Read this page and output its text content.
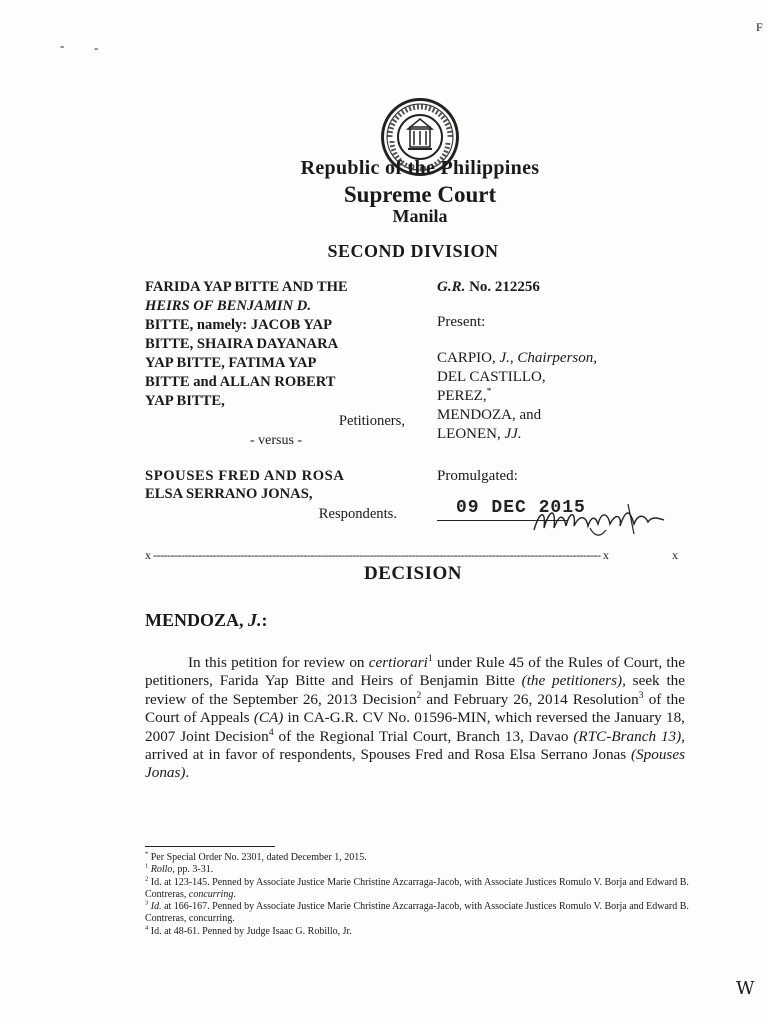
- -
F
Republic of the Philippines
Supreme Court
Manila
SECOND DIVISION
FARIDA YAP BITTE AND THE
HEIRS OF BENJAMIN D.
BITTE, namely: JACOB YAP
BITTE, SHAIRA DAYANARA
YAP BITTE, FATIMA YAP
BITTE and ALLAN ROBERT
YAP BITTE,
Petitioners,
- versus -
SPOUSES FRED AND ROSA
ELSA SERRANO JONAS,
Respondents.
G.R. No. 212256
Present:
CARPIO, J., Chairperson,
DEL CASTILLO,
PEREZ,*
MENDOZA, and
LEONEN, JJ.
Promulgated:
09 DEC 2015
x -------------------------------------------------------------------------------------------------------------------------------- x	x
DECISION
MENDOZA, J.:
In this petition for review on certiorari$^1$ under Rule 45 of the Rules of Court, the petitioners, Farida Yap Bitte and Heirs of Benjamin Bitte (the petitioners), seek the review of the September 26, 2013 Decision$^2$ and February 26, 2014 Resolution$^3$ of the Court of Appeals (CA) in CA-G.R. CV No. 01596-MIN, which reversed the January 18, 2007 Joint Decision$^4$ of the Regional Trial Court, Branch 13, Davao (RTC-Branch 13), arrived at in favor of respondents, Spouses Fred and Rosa Elsa Serrano Jonas (Spouses Jonas).

* Per Special Order No. 2301, dated December 1, 2015.

$^1$ Rollo, pp. 3-31.

$^2$ Id. at 123-145. Penned by Associate Justice Marie Christine Azcarraga-Jacob, with Associate Justices Romulo V. Borja and Edward B. Contreras, concurring.

$^3$ Id. at 166-167. Penned by Associate Justice Marie Christine Azcarraga-Jacob, with Associate Justices Romulo V. Borja and Edward B. Contreras, concurring.

$^4$ Id. at 48-61. Penned by Judge Isaac G. Robillo, Jr.

W
